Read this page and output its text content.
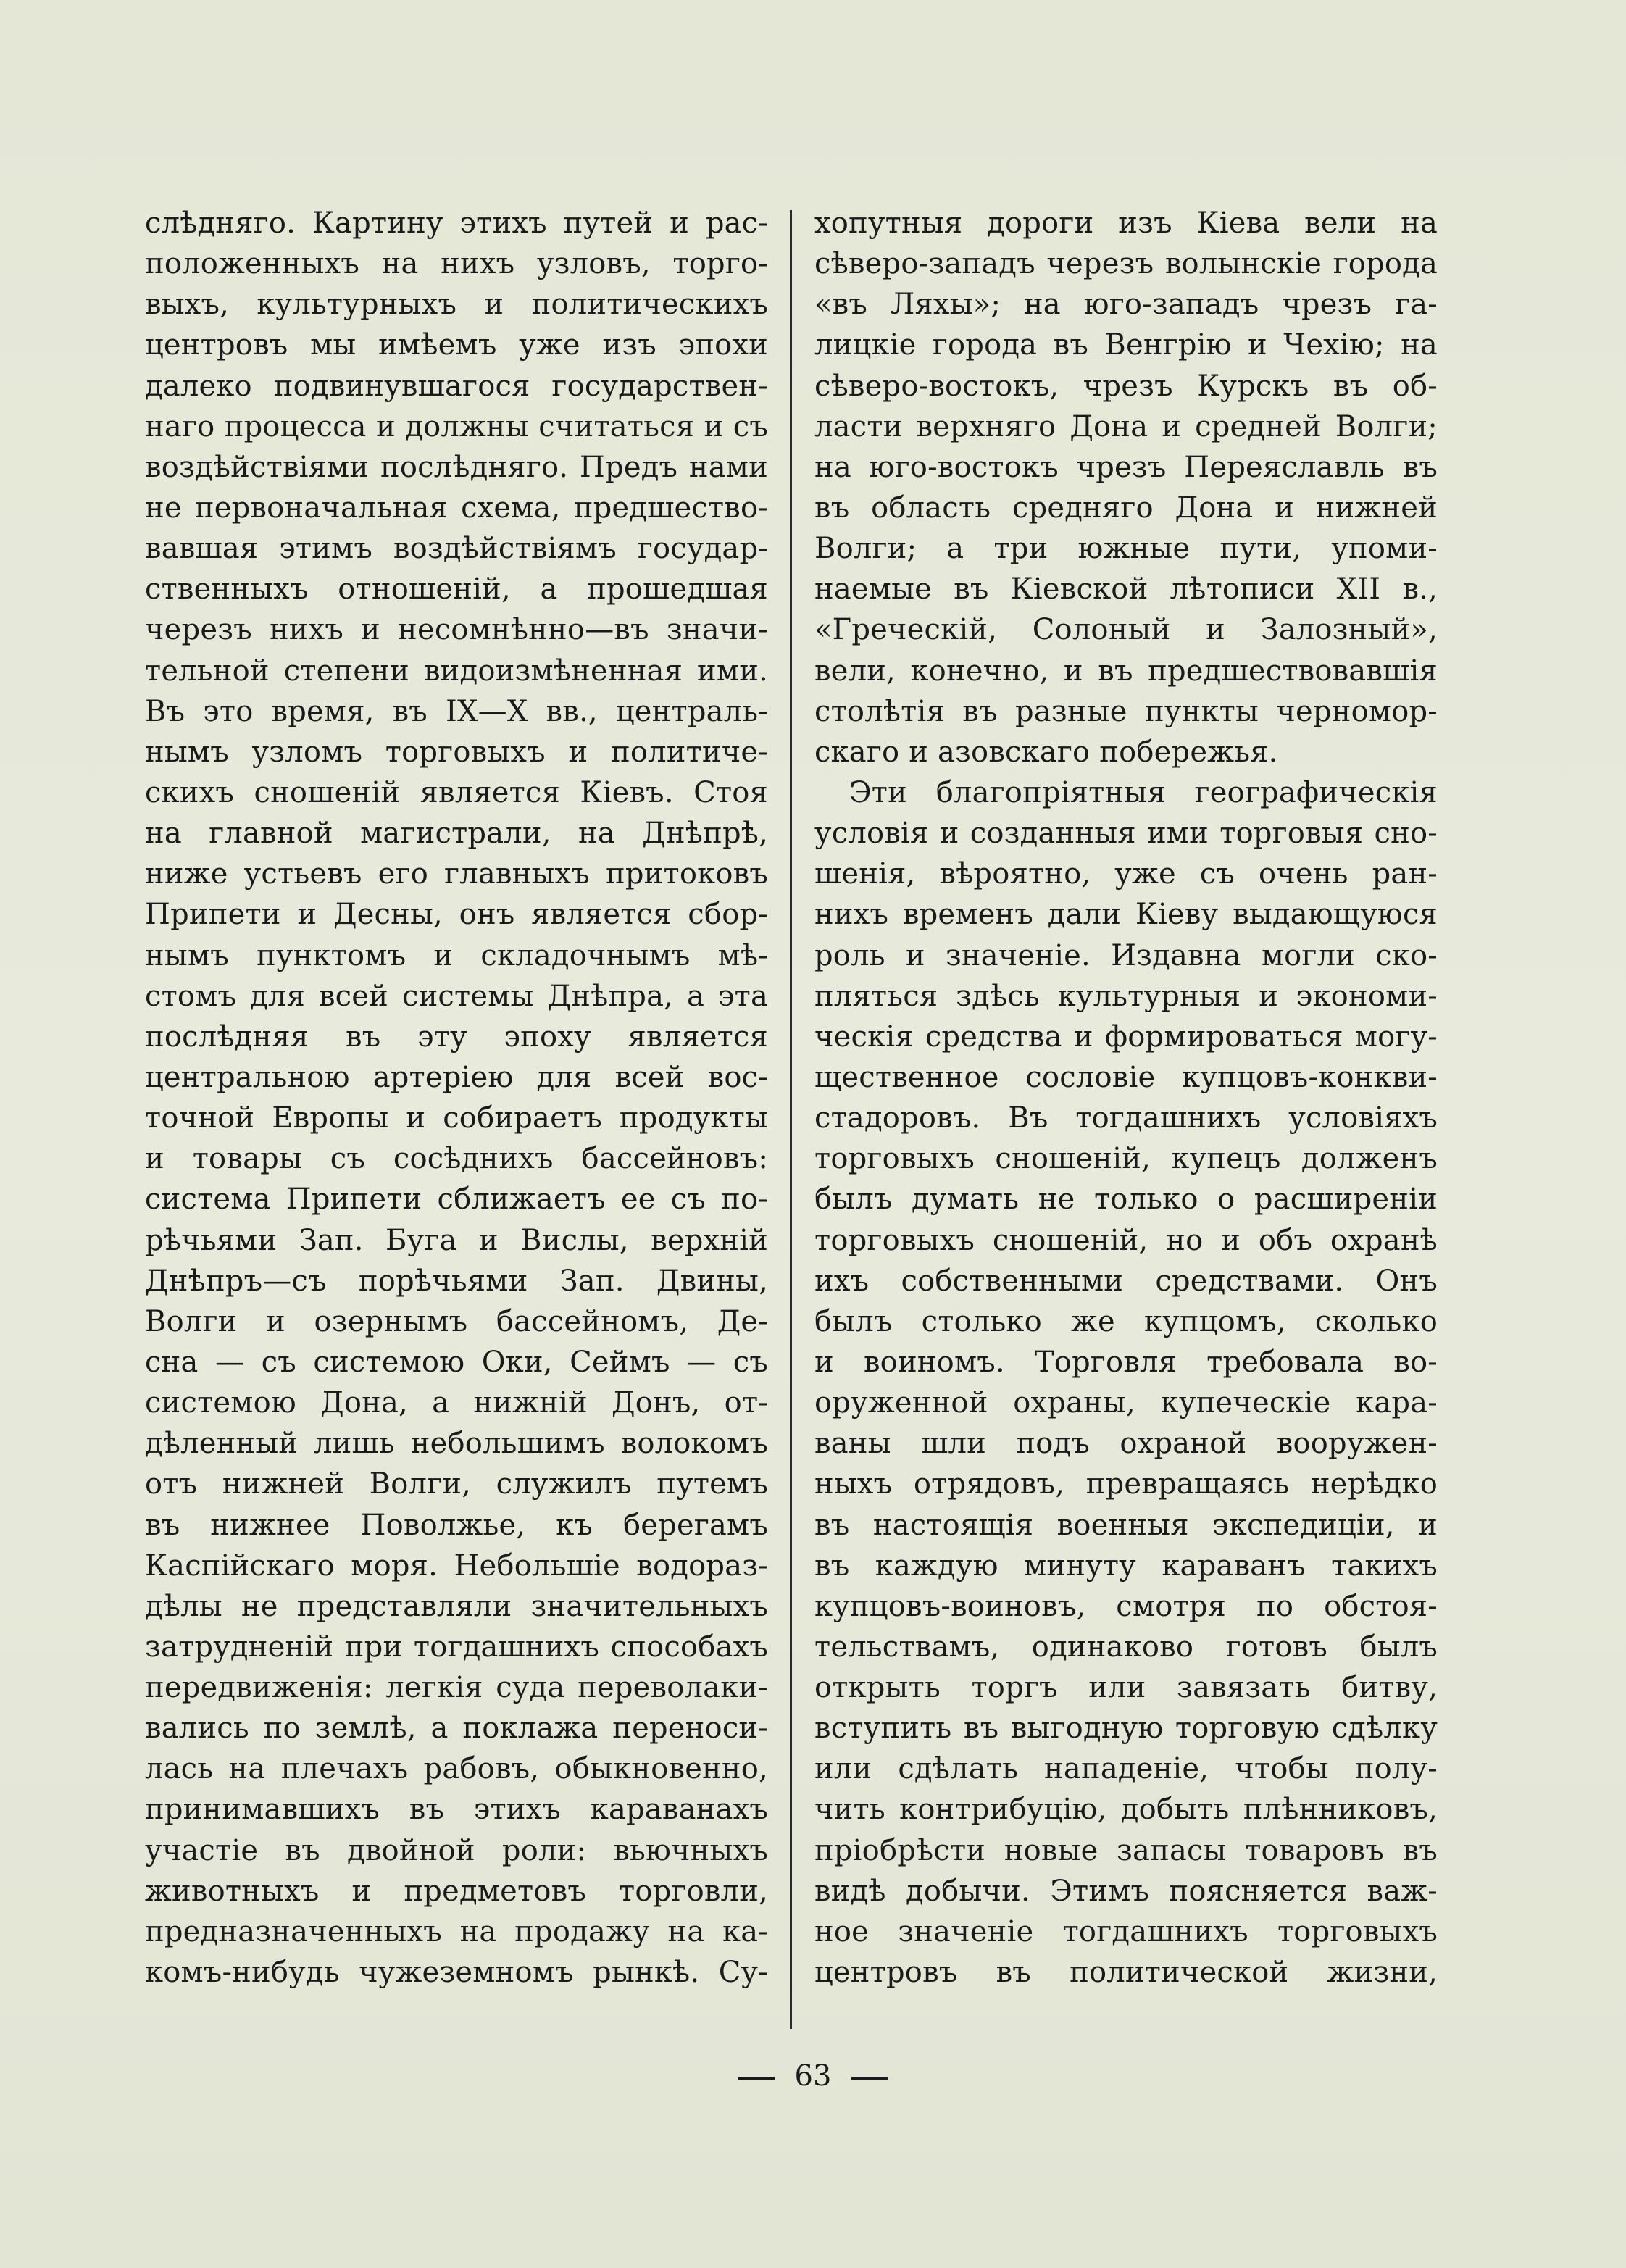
слѣдняго. Картину этихъ путей и рас-
положенныхъ на нихъ узловъ, торго-
выхъ, культурныхъ и политическихъ
центровъ мы имѣемъ уже изъ эпохи
далеко подвинувшагося государствен-
наго процесса и должны считаться и съ
воздѣйствіями послѣдняго. Предъ нами
не первоначальная схема, предшество-
вавшая этимъ воздѣйствіямъ государ-
ственныхъ отношеній, а прошедшая
черезъ нихъ и несомнѣнно—въ значи-
тельной степени видоизмѣненная ими.
Въ это время, въ IX—X вв., централь-
нымъ узломъ торговыхъ и политиче-
скихъ сношеній является Кіевъ. Стоя
на главной магистрали, на Днѣпрѣ,
ниже устьевъ его главныхъ притоковъ
Припети и Десны, онъ является сбор-
нымъ пунктомъ и складочнымъ мѣ-
стомъ для всей системы Днѣпра, а эта
послѣдняя въ эту эпоху является
центральною артеріею для всей вос-
точной Европы и собираетъ продукты
и товары съ сосѣднихъ бассейновъ:
система Припети сближаетъ ее съ по-
рѣчьями Зап. Буга и Вислы, верхній
Днѣпръ—съ порѣчьями Зап. Двины,
Волги и озернымъ бассейномъ, Де-
сна — съ системою Оки, Сеймъ — съ
системою Дона, а нижній Донъ, от-
дѣленный лишь небольшимъ волокомъ
отъ нижней Волги, служилъ путемъ
въ нижнее Поволжье, къ берегамъ
Каспійскаго моря. Небольшіе водораз-
дѣлы не представляли значительныхъ
затрудненій при тогдашнихъ способахъ
передвиженія: легкія суда переволаки-
вались по землѣ, а поклажа переноси-
лась на плечахъ рабовъ, обыкновенно,
принимавшихъ въ этихъ караванахъ
участіе въ двойной роли: вьючныхъ
животныхъ и предметовъ торговли,
предназначенныхъ на продажу на ка-
комъ-нибудь чужеземномъ рынкѣ. Су-
хопутныя дороги изъ Кіева вели на
сѣверо-западъ черезъ волынскіе города
«въ Ляхы»; на юго-западъ чрезъ га-
лицкіе города въ Венгрію и Чехію; на
сѣверо-востокъ, чрезъ Курскъ въ об-
ласти верхняго Дона и средней Волги;
на юго-востокъ чрезъ Переяславль въ
въ область средняго Дона и нижней
Волги; а три южные пути, упоми-
наемые въ Кіевской лѣтописи XII в.,
«Греческій, Солоный и Залозный»,
вели, конечно, и въ предшествовавшія
столѣтія въ разные пункты черномор-
скаго и азовскаго побережья.
Эти благопріятныя географическія
условія и созданныя ими торговыя сно-
шенія, вѣроятно, уже съ очень ран-
нихъ временъ дали Кіеву выдающуюся
роль и значеніе. Издавна могли ско-
пляться здѣсь культурныя и экономи-
ческія средства и формироваться могу-
щественное сословіе купцовъ-конкви-
стадоровъ. Въ тогдашнихъ условіяхъ
торговыхъ сношеній, купецъ долженъ
былъ думать не только о расширеніи
торговыхъ сношеній, но и объ охранѣ
ихъ собственными средствами. Онъ
былъ столько же купцомъ, сколько
и воиномъ. Торговля требовала во-
оруженной охраны, купеческіе кара-
ваны шли подъ охраной вооружен-
ныхъ отрядовъ, превращаясь нерѣдко
въ настоящія военныя экспедиціи, и
въ каждую минуту караванъ такихъ
купцовъ-воиновъ, смотря по обстоя-
тельствамъ, одинаково готовъ былъ
открыть торгъ или завязать битву,
вступить въ выгодную торговую сдѣлку
или сдѣлать нападеніе, чтобы полу-
чить контрибуцію, добыть плѣнниковъ,
пріобрѣсти новые запасы товаровъ въ
видѣ добычи. Этимъ поясняется важ-
ное значеніе тогдашнихъ торговыхъ
центровъ въ политической жизни,
63
